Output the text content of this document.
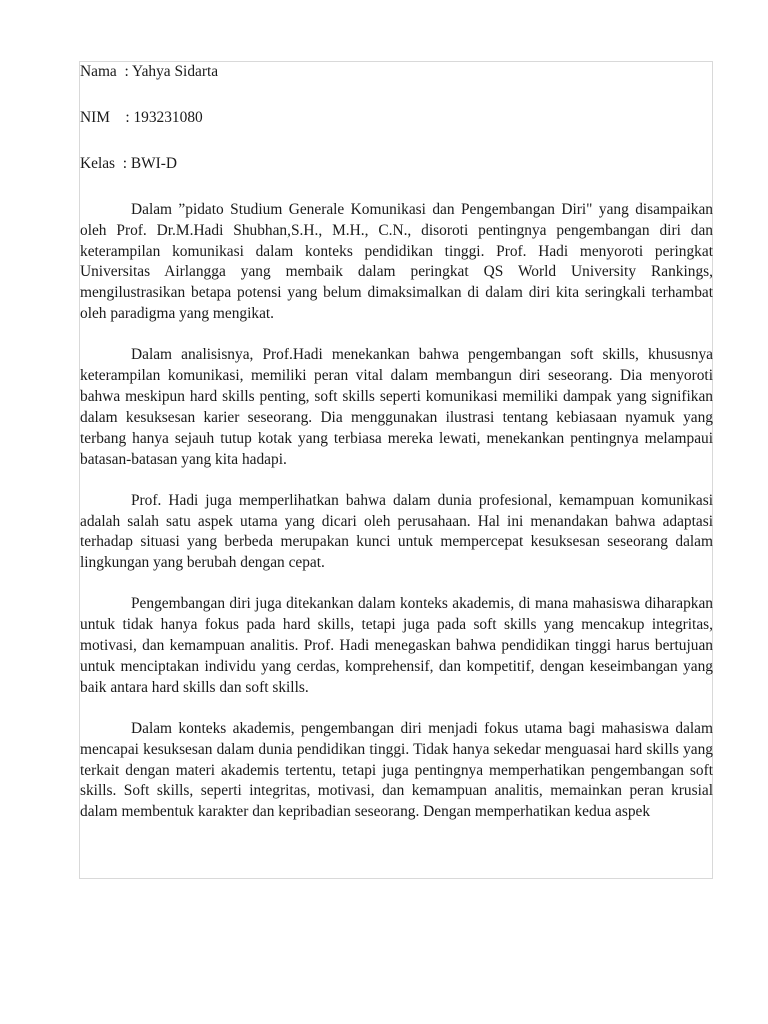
Nama
: Yahya Sidarta
NIM
: 193231080
Kelas
: BWI-D

Dalam ”pidato Studium Generale Komunikasi dan Pengembangan Diri" yang disampaikan oleh Prof. Dr.M.Hadi Shubhan,S.H., M.H., C.N., disoroti pentingnya pengembangan diri dan keterampilan komunikasi dalam konteks pendidikan tinggi. Prof. Hadi menyoroti peringkat Universitas Airlangga yang membaik dalam peringkat QS World University Rankings, mengilustrasikan betapa potensi yang belum dimaksimalkan di dalam diri kita seringkali terhambat oleh paradigma yang mengikat.

Dalam analisisnya, Prof.Hadi menekankan bahwa pengembangan soft skills, khususnya keterampilan komunikasi, memiliki peran vital dalam membangun diri seseorang. Dia menyoroti bahwa meskipun hard skills penting, soft skills seperti komunikasi memiliki dampak yang signifikan dalam kesuksesan karier seseorang. Dia menggunakan ilustrasi tentang kebiasaan nyamuk yang terbang hanya sejauh tutup kotak yang terbiasa mereka lewati, menekankan pentingnya melampaui batasan-batasan yang kita hadapi.

Prof. Hadi juga memperlihatkan bahwa dalam dunia profesional, kemampuan komunikasi adalah salah satu aspek utama yang dicari oleh perusahaan. Hal ini menandakan bahwa adaptasi terhadap situasi yang berbeda merupakan kunci untuk mempercepat kesuksesan seseorang dalam lingkungan yang berubah dengan cepat.

Pengembangan diri juga ditekankan dalam konteks akademis, di mana mahasiswa diharapkan untuk tidak hanya fokus pada hard skills, tetapi juga pada soft skills yang mencakup integritas, motivasi, dan kemampuan analitis. Prof. Hadi menegaskan bahwa pendidikan tinggi harus bertujuan untuk menciptakan individu yang cerdas, komprehensif, dan kompetitif, dengan keseimbangan yang baik antara hard skills dan soft skills.

Dalam konteks akademis, pengembangan diri menjadi fokus utama bagi mahasiswa dalam mencapai kesuksesan dalam dunia pendidikan tinggi. Tidak hanya sekedar menguasai hard skills yang terkait dengan materi akademis tertentu, tetapi juga pentingnya memperhatikan pengembangan soft skills. Soft skills, seperti integritas, motivasi, dan kemampuan analitis, memainkan peran krusial dalam membentuk karakter dan kepribadian seseorang. Dengan memperhatikan kedua aspek
